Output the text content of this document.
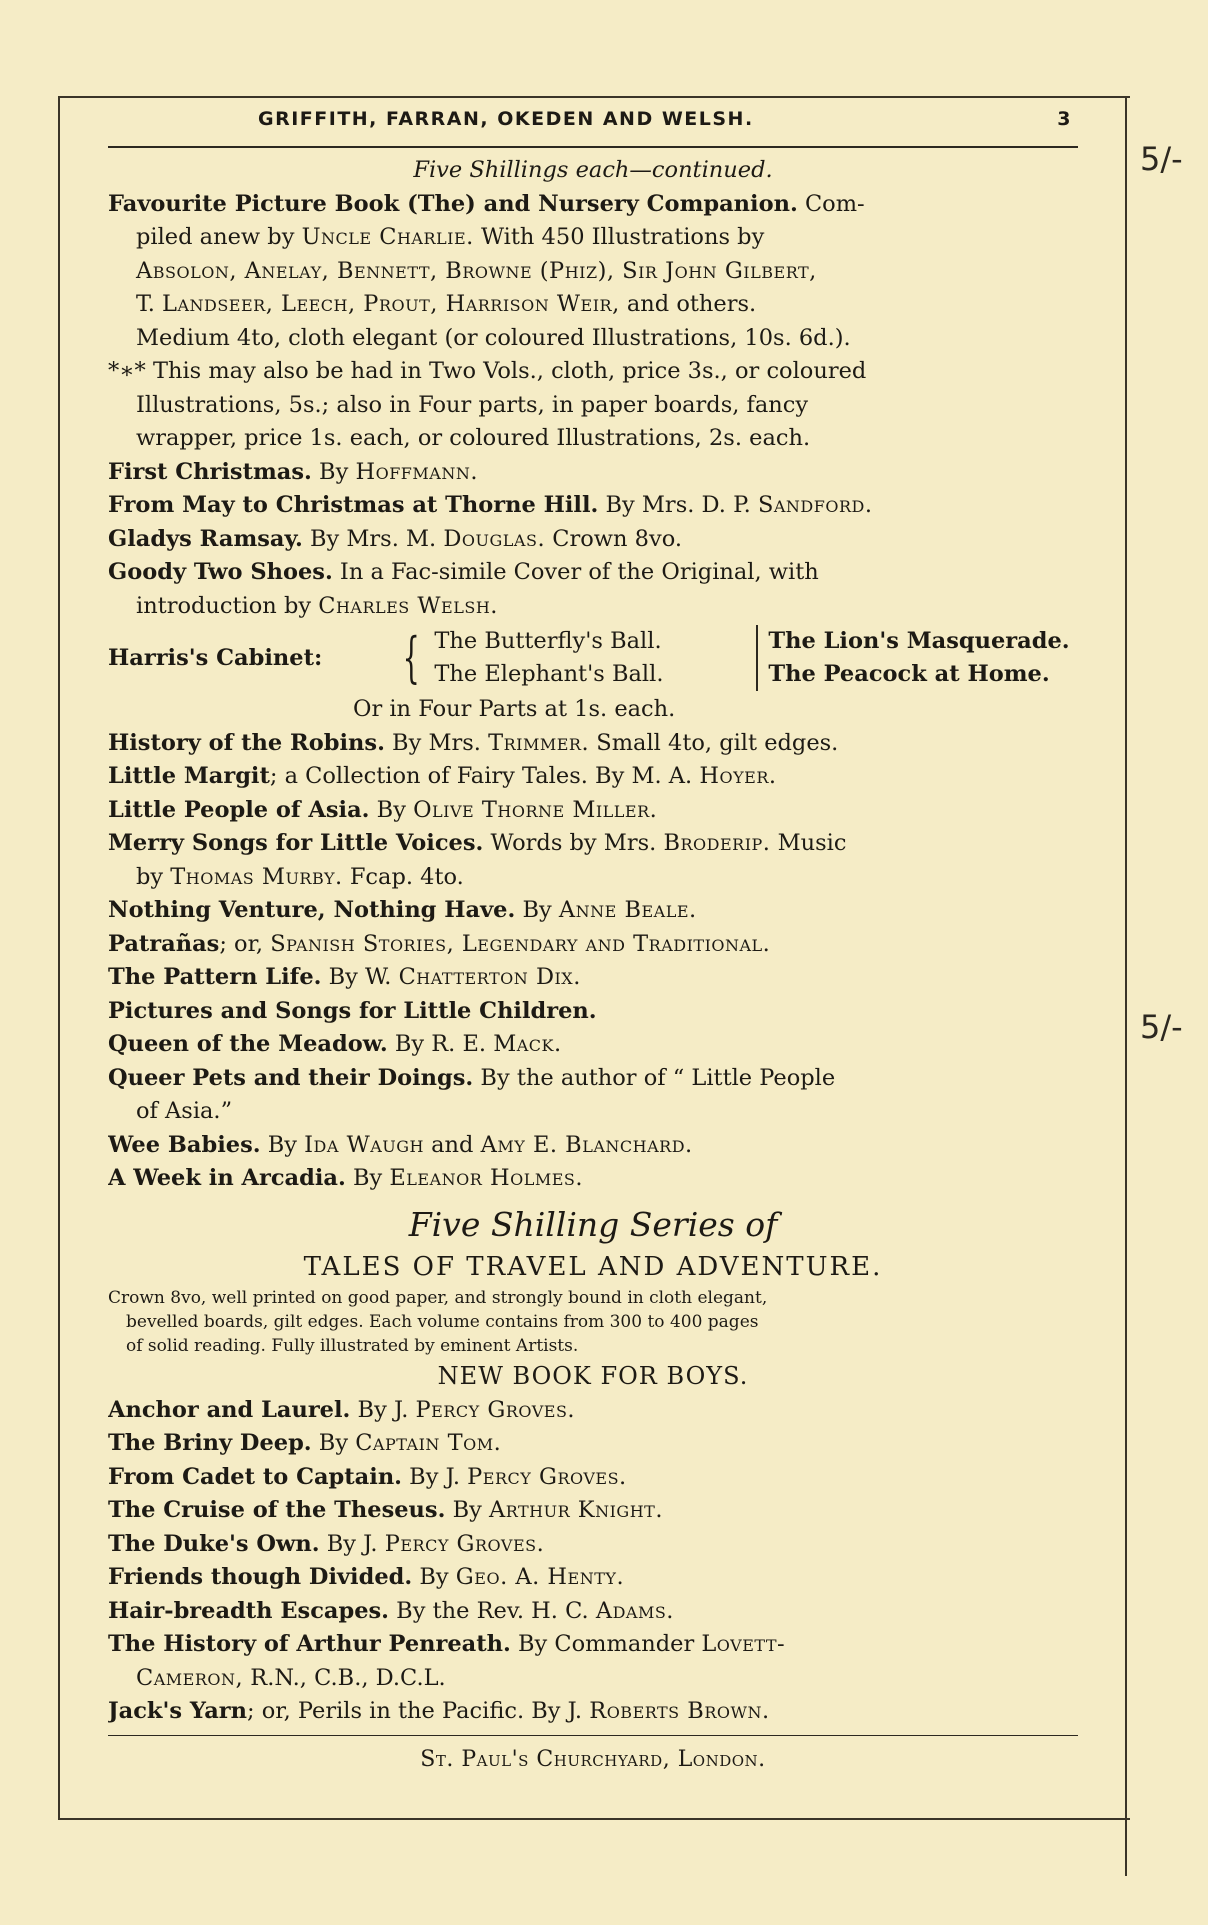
5/-
5/-
GRIFFITH, FARRAN, OKEDEN AND WELSH.	3
Five Shillings each—continued.
Favourite Picture Book (The) and Nursery Companion. Com-
piled anew by Uncle Charlie. With 450 Illustrations by
Absolon, Anelay, Bennett, Browne (Phiz), Sir John Gilbert,
T. Landseer, Leech, Prout, Harrison Weir, and others.
Medium 4to, cloth elegant (or coloured Illustrations, 10s. 6d.).
*∗* This may also be had in Two Vols., cloth, price 3s., or coloured
Illustrations, 5s.; also in Four parts, in paper boards, fancy
wrapper, price 1s. each, or coloured Illustrations, 2s. each.
First Christmas. By Hoffmann.
From May to Christmas at Thorne Hill. By Mrs. D. P. Sandford.
Gladys Ramsay. By Mrs. M. Douglas. Crown 8vo.
Goody Two Shoes. In a Fac-simile Cover of the Original, with
introduction by Charles Welsh.
Harris's Cabinet:	{ The Butterfly's Ball.
The Elephant's Ball.
The Lion's Masquerade.
The Peacock at Home.
Or in Four Parts at 1s. each.
History of the Robins. By Mrs. Trimmer. Small 4to, gilt edges.
Little Margit; a Collection of Fairy Tales. By M. A. Hoyer.
Little People of Asia. By Olive Thorne Miller.
Merry Songs for Little Voices. Words by Mrs. Broderip. Music
by Thomas Murby. Fcap. 4to.
Nothing Venture, Nothing Have. By Anne Beale.
Patrañas; or, Spanish Stories, Legendary and Traditional.
The Pattern Life. By W. Chatterton Dix.
Pictures and Songs for Little Children.
Queen of the Meadow. By R. E. Mack.
Queer Pets and their Doings. By the author of “ Little People
of Asia.”
Wee Babies. By Ida Waugh and Amy E. Blanchard.
A Week in Arcadia. By Eleanor Holmes.
Five Shilling Series of
TALES OF TRAVEL AND ADVENTURE.
Crown 8vo, well printed on good paper, and strongly bound in cloth elegant,
bevelled boards, gilt edges. Each volume contains from 300 to 400 pages
of solid reading. Fully illustrated by eminent Artists.
NEW BOOK FOR BOYS.
Anchor and Laurel. By J. Percy Groves.
The Briny Deep. By Captain Tom.
From Cadet to Captain. By J. Percy Groves.
The Cruise of the Theseus. By Arthur Knight.
The Duke's Own. By J. Percy Groves.
Friends though Divided. By Geo. A. Henty.
Hair-breadth Escapes. By the Rev. H. C. Adams.
The History of Arthur Penreath. By Commander Lovett-
Cameron, R.N., C.B., D.C.L.
Jack's Yarn; or, Perils in the Pacific. By J. Roberts Brown.
St. Paul's Churchyard, London.
